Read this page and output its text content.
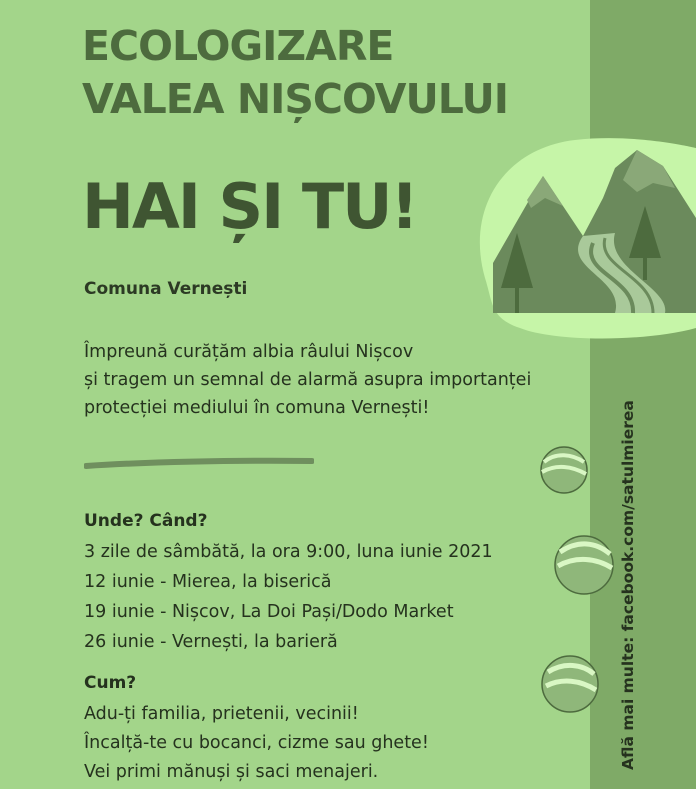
ECOLOGIZARE
VALEA NIȘCOVULUI
HAI ȘI TU!
Comuna Vernești
Împreună curățăm albia râului Nișcov
și tragem un semnal de alarmă asupra importanței
protecției mediului în comuna Vernești!
Unde? Când?
3 zile de sâmbătă, la ora 9:00, luna iunie 2021
12 iunie - Mierea, la biserică
19 iunie - Nișcov, La Doi Pași/Dodo Market
26 iunie - Vernești, la barieră
Cum?
Adu-ți familia, prietenii, vecinii!
Încalță-te cu bocanci, cizme sau ghete!
Vei primi mănuși și saci menajeri.
Află mai multe: facebook.com/satulmierea
